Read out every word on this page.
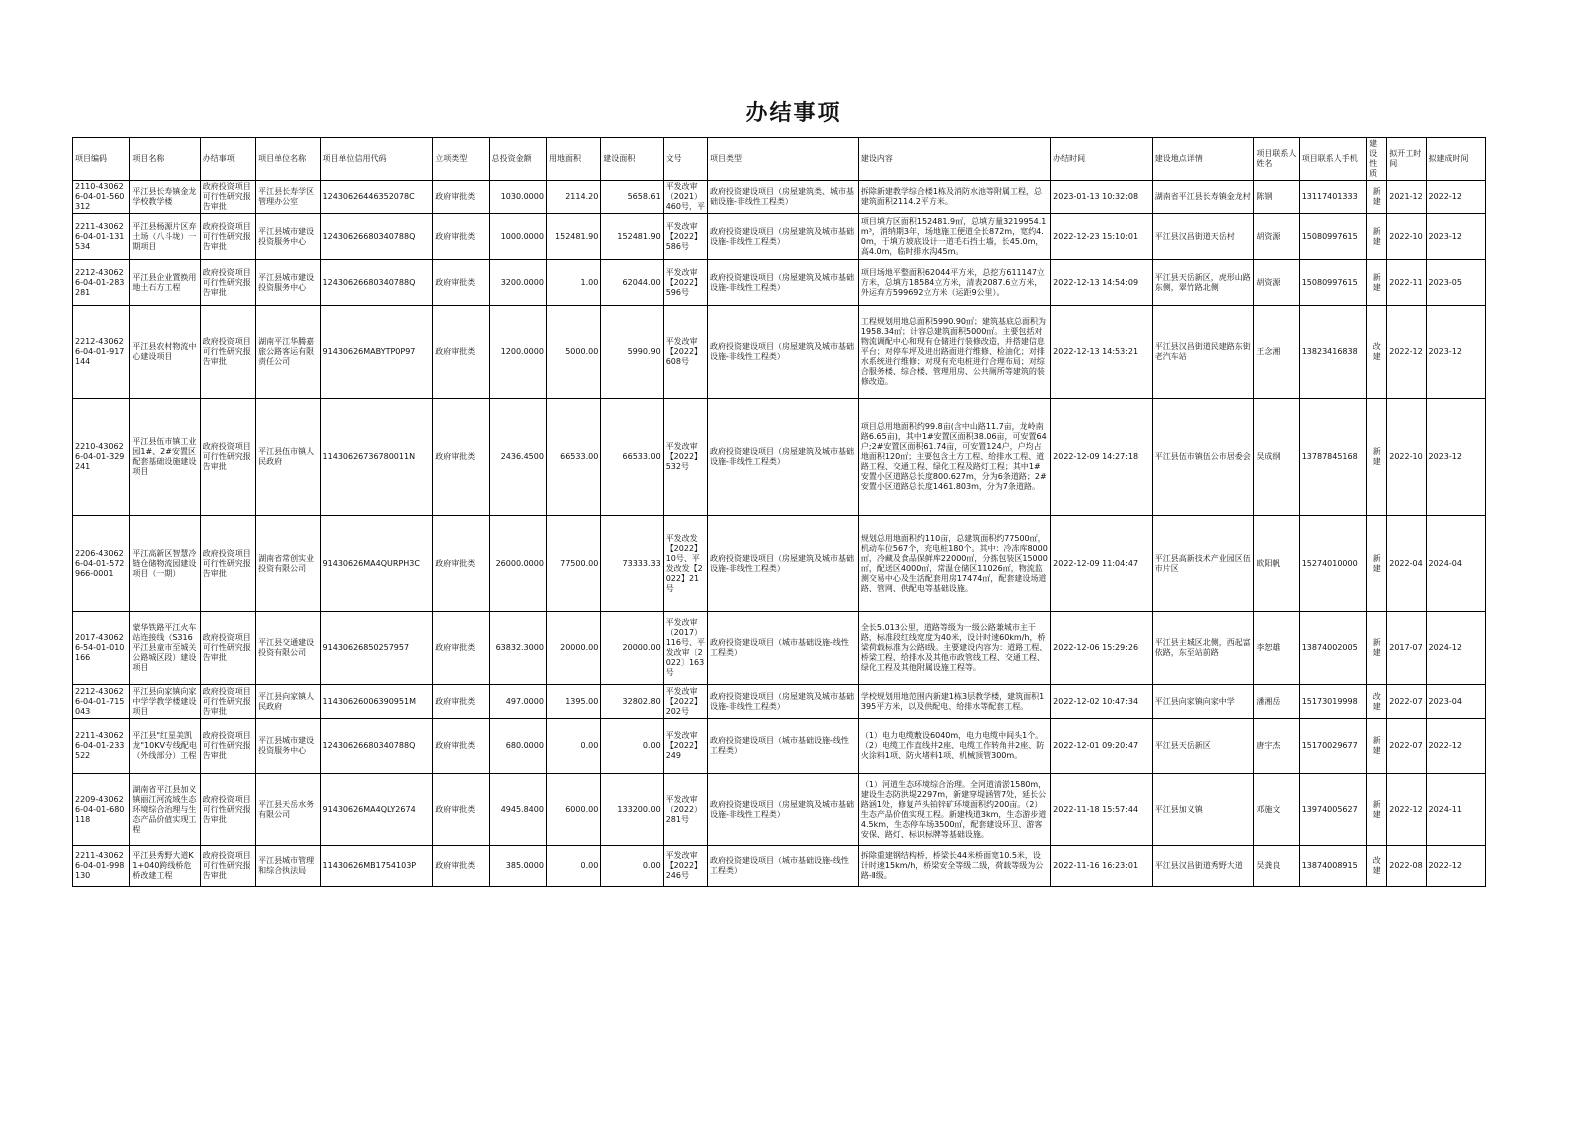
办结事项
项目编码	项目名称	办结事项	项目单位名称	项目单位信用代码	立项类型	总投资金额	用地面积	建设面积	文号	项目类型	建设内容	办结时间	建设地点详情	项目联系人姓名	项目联系人手机	建设性质	拟开工时间	拟建成时间
2110-430626-04-01-560312	平江县长寿镇金龙学校教学楼	政府投资项目可行性研究报告审批	平江县长寿学区管理办公室	12430626446352078C	政府审批类	1030.0000	2114.20	5658.61	平发改审（2021）460号，平	政府投资建设项目（房屋建筑类、城市基础设施-非线性工程类）	拆除新建教学综合楼1栋及消防水池等附属工程，总建筑面积2114.2平方米。	2023-01-13 10:32:08	湖南省平江县长寿镇金龙村	陈钢	13117401333	新建	2021-12	2022-12
2211-430626-04-01-131534	平江县杨源片区弃土场（八斗垅）一期项目	政府投资项目可行性研究报告审批	平江县城市建设投资服务中心	12430626680340788Q	政府审批类	1000.0000	152481.90	152481.90	平发改审【2022】586号	政府投资建设项目（房屋建筑及城市基础设施-非线性工程类）	项目填方区面积152481.9㎡，总填方量3219954.1m³，消纳期3年，场地施工便道全长872m，宽约4.0m，于填方坡底设计一道毛石挡土墙，长45.0m，高4.0m，临时排水沟45m。	2022-12-23 15:10:01	平江县汉昌街道天岳村	胡资源	15080997615	新建	2022-10	2023-12
2212-430626-04-01-283281	平江县企业置换用地土石方工程	政府投资项目可行性研究报告审批	平江县城市建设投资服务中心	12430626680340788Q	政府审批类	3200.0000	1.00	62044.00	平发改审【2022】596号	政府投资建设项目（房屋建筑及城市基础设施-非线性工程类）	项目场地平整面积62044平方米，总挖方611147立方米，总填方18584立方米，清表2087.6立方米，外运弃方599692立方米（运距9公里）。	2022-12-13 14:54:09	平江县天岳新区，虎形山路东侧，翠竹路北侧	胡资源	15080997615	新建	2022-11	2023-05
2212-430626-04-01-917144	平江县农村物流中心建设项目	政府投资项目可行性研究报告审批	湖南平江华腾嘉旅公路客运有限责任公司	91430626MABYTP0P97	政府审批类	1200.0000	5000.00	5990.90	平发改审【2022】608号	政府投资建设项目（房屋建筑及城市基础设施-非线性工程类）	工程规划用地总面积5990.90㎡；建筑基底总面积为1958.34㎡；计容总建筑面积5000㎡。主要包括对物流调配中心和现有仓储进行装修改造，并搭建信息平台；对停车坪及进出路面进行维修、检油化；对排水系统进行维修；对现有充电桩进行合理布局；对综合服务楼、综合楼、管理用房、公共厕所等建筑的装修改造。	2022-12-13 14:53:21	平江县汉昌街道民建路东街老汽车站	王念湘	13823416838	改建	2022-12	2023-12
2210-430626-04-01-329241	平江县伍市镇工业园1#、2#安置区配套基础设施建设项目	政府投资项目可行性研究报告审批	平江县伍市镇人民政府	11430626736780011N	政府审批类	2436.4500	66533.00	66533.00	平发改审【2022】532号	政府投资建设项目（房屋建筑及城市基础设施-非线性工程类）	项目总用地面积约99.8亩(含中山路11.7亩，龙岭南路6.65亩)，其中1#安置区面积38.06亩，可安置64户;2#安置区面积61.74亩，可安置124户，户均占地面积120㎡；主要包含土方工程、给排水工程、道路工程、交通工程、绿化工程及路灯工程；其中1#安置小区道路总长度800.627m，分为6条道路；2#安置小区道路总长度1461.803m，分为7条道路。	2022-12-09 14:27:18	平江县伍市镇伍公市居委会	吴成纲	13787845168	新建	2022-10	2023-12
2206-430626-04-01-572966-0001	平江高新区智慧冷链仓储物流园建设项目（一期）	政府投资项目可行性研究报告审批	湖南省常创实业投资有限公司	91430626MA4QURPH3C	政府审批类	26000.0000	77500.00	73333.33	平发改发【2022】10号、平发改发【2022】21号	政府投资建设项目（房屋建筑及城市基础设施-非线性工程类）	规划总用地面积约110亩，总建筑面积约77500㎡，机动车位567个，充电桩180个。其中：冷冻库8000㎡，冷藏及食品保鲜库22000㎡，分拣包装区15000㎡，配送区4000㎡，常温仓储区11026㎡，物流监测交易中心及生活配套用房17474㎡，配套建设场道路、管网、供配电等基础设施。	2022-12-09 11:04:47	平江县高新技术产业园区伍市片区	欧阳帆	15274010000	新建	2022-04	2024-04
2017-430626-54-01-010166	蒙华铁路平江火车站连接线（S316平江县童市至城关公路城区段）建设项目	政府投资项目可行性研究报告审批	平江县交通建设投资有限公司	91430626850257957	政府审批类	63832.3000	20000.00	20000.00	平发改审（2017）116号、平发改审〔2022〕163号	政府投资建设项目（城市基础设施-线性工程类）	全长5.013公里，道路等级为一级公路兼城市主干路，标准段红线宽度为40米，设计时速60km/h，桥梁荷载标准为公路Ⅰ级。主要建设内容为：道路工程、桥梁工程、给排水及其他市政管线工程、交通工程、绿化工程及其他附属设施工程等。	2022-12-06 15:29:26	平江县主城区北侧，西起富依路，东至站前路	李恕雄	13874002005	新建	2017-07	2024-12
2212-430626-04-01-715043	平江县向家镇向家中学学教学楼建设项目	政府投资项目可行性研究报告审批	平江县向家镇人民政府	11430626006390951M	政府审批类	497.0000	1395.00	32802.80	平发改审【2022】202号	政府投资建设项目（房屋建筑及城市基础设施-非线性工程类）	学校规划用地范围内新建1栋3层教学楼，建筑面积1395平方米，以及供配电、给排水等配套工程。	2022-12-02 10:47:34	平江县向家镇向家中学	潘湘岳	15173019998	改建	2022-07	2023-04
2211-430626-04-01-233522	平江县"红星美凯龙"10KV专线配电（外线部分）工程	政府投资项目可行性研究报告审批	平江县城市建设投资服务中心	12430626680340788Q	政府审批类	680.0000	0.00	0.00	平发改审【2022】249	政府投资建设项目（城市基础设施-线性工程类）	（1）电力电缆敷设6040m，电力电缆中间头1个。（2）电缆工作直线井2座、电缆工作转角井2座、防火涂料1项、防火堵料1项、机械顶管300m。	2022-12-01 09:20:47	平江县天岳新区	唐宇杰	15170029677	新建	2022-07	2022-12
2209-430626-04-01-680118	湖南省平江县加义镇丽江河流域生态环境综合治理与生态产品价值实现工程	政府投资项目可行性研究报告审批	平江县天岳水务有限公司	91430626MA4QLY2674	政府审批类	4945.8400	6000.00	133200.00	平发改审（2022）281号	政府投资建设项目（房屋建筑及城市基础设施-非线性工程类）	（1）河道生态环境综合治理。全河道清淤1580m，建设生态防洪堤2297m，新建穿堤涵管7处，延长公路涵1处，修复芦头铂锌矿环境面积约200亩。（2）生态产品价值实现工程。新建栈道3km，生态游步道4.5km，生态停车场3500㎡，配套建设环卫、游客安保、路灯、标识标牌等基础设施。	2022-11-18 15:57:44	平江县加义镇	邓施文	13974005627	新建	2022-12	2024-11
2211-430626-04-01-998130	平江县秀野大道K1+040跨线桥危桥改建工程	政府投资项目可行性研究报告审批	平江县城市管理和综合执法局	11430626MB1754103P	政府审批类	385.0000	0.00	0.00	平发改审【2022】246号	政府投资建设项目（城市基础设施-线性工程类）	拆除重建钢结构桥，桥梁长44米桥面宽10.5米，设计时速15km/h，桥梁安全等级二级，荷载等级为公路-Ⅱ级。	2022-11-16 16:23:01	平江县汉昌街道秀野大道	吴龚良	13874008915	改建	2022-08	2022-12
